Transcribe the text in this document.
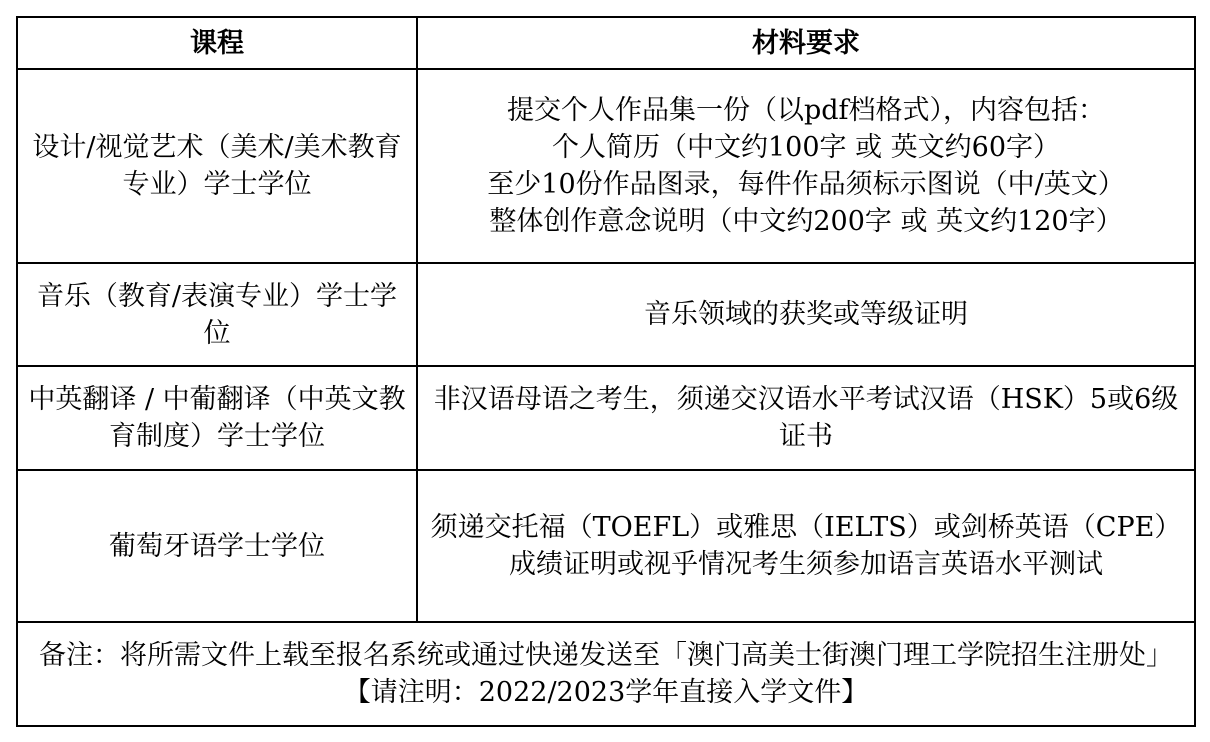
课程	材料要求

设计/视觉艺术（美术/美术教育专业）学士学位	提交个人作品集一份（以pdf档格式），内容包括：
个人简历（中文约100字 或 英文约60字）
至少10份作品图录，每件作品须标示图说（中/英文）
整体创作意念说明（中文约200字 或 英文约120字）

音乐（教育/表演专业）学士学位	音乐领域的获奖或等级证明

中英翻译 / 中葡翻译（中英文教育制度）学士学位	非汉语母语之考生，须递交汉语水平考试汉语（HSK）5或6级证书

葡萄牙语学士学位	须递交托福（TOEFL）或雅思（IELTS）或剑桥英语（CPE）成绩证明或视乎情况考生须参加语言英语水平测试

备注：将所需文件上载至报名系统或通过快递发送至「澳门高美士街澳门理工学院招生注册处」【请注明：2022/2023学年直接入学文件】	
